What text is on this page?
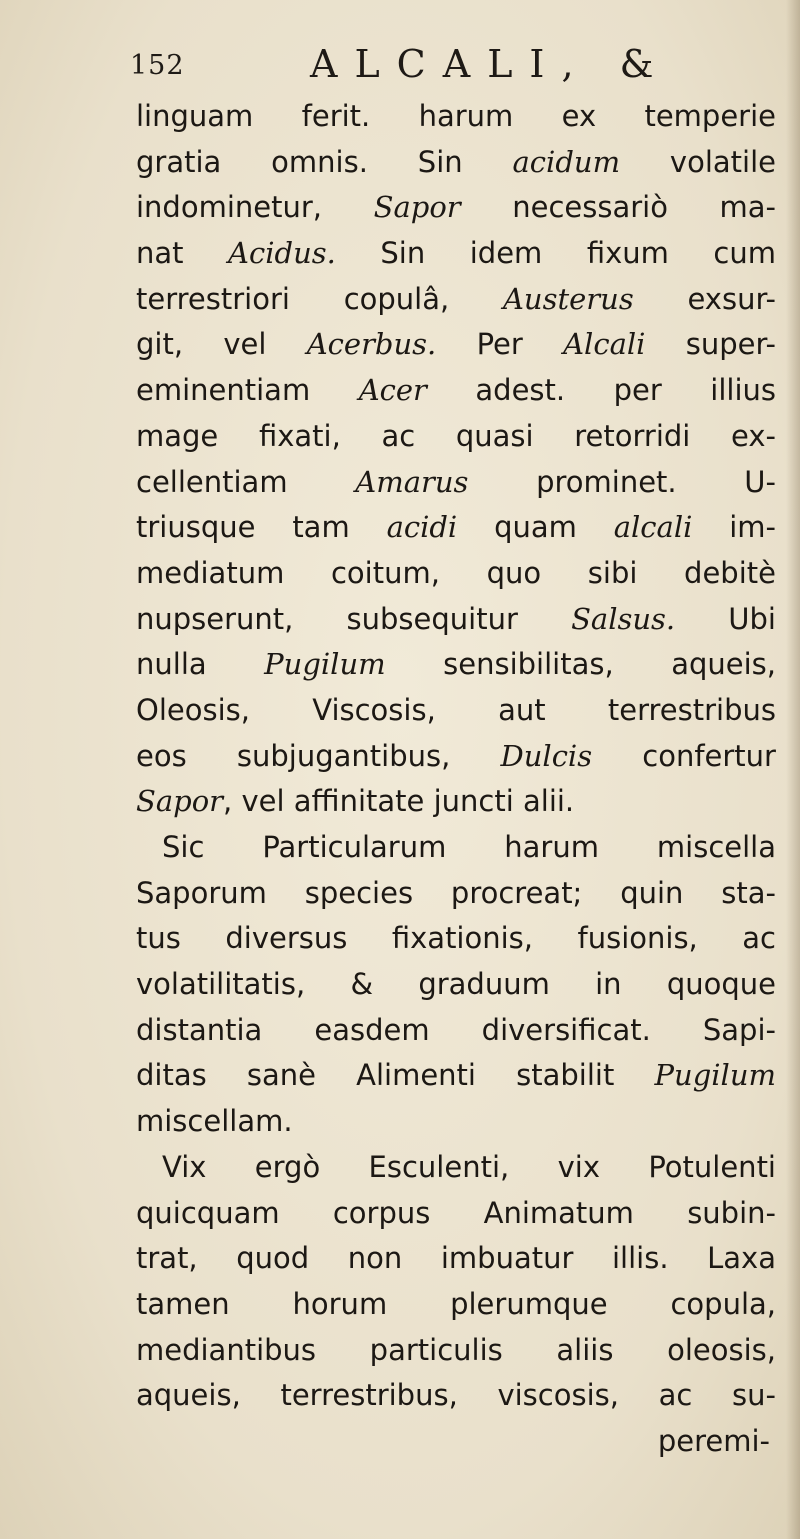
152	ALCALI, &
linguam ferit. harum ex temperie
gratia omnis. Sin acidum volatile
indominetur, Sapor necessariò ma-
nat Acidus. Sin idem fixum cum
terrestriori copulâ, Austerus exsur-
git, vel Acerbus. Per Alcali super-
eminentiam Acer adest. per illius
mage fixati, ac quasi retorridi ex-
cellentiam Amarus prominet. U-
triusque tam acidi quam alcali im-
mediatum coitum, quo sibi debitè
nupserunt, subsequitur Salsus. Ubi
nulla Pugilum sensibilitas, aqueis,
Oleosis, Viscosis, aut terrestribus
eos subjugantibus, Dulcis confertur
Sapor, vel affinitate juncti alii.
Sic Particularum harum miscella
Saporum species procreat; quin sta-
tus diversus fixationis, fusionis, ac
volatilitatis, & graduum in quoque
distantia easdem diversificat. Sapi-
ditas sanè Alimenti stabilit Pugilum
miscellam.
Vix ergò Esculenti, vix Potulenti
quicquam corpus Animatum subin-
trat, quod non imbuatur illis. Laxa
tamen horum plerumque copula,
mediantibus particulis aliis oleosis,
aqueis, terrestribus, viscosis, ac su-
peremi-
